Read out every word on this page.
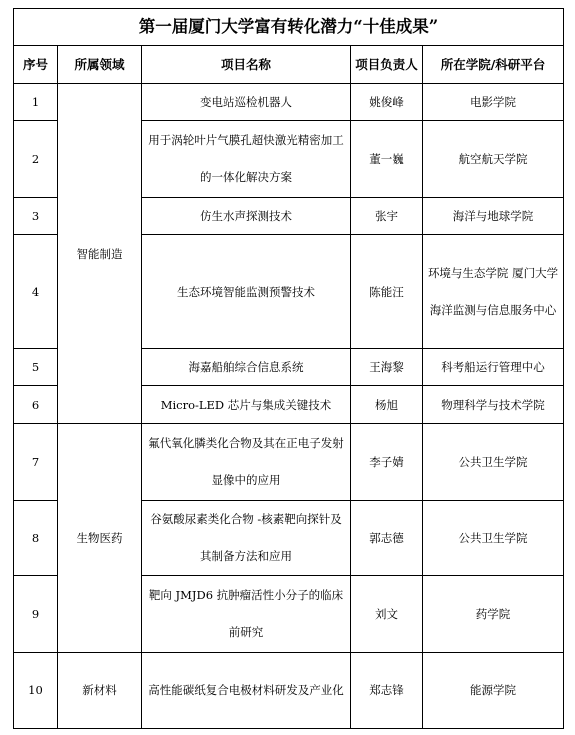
第一届厦门大学富有转化潜力“十佳成果”				
序号	所属领域	项目名称	项目负责人	所在学院/科研平台
1	智能制造	变电站巡检机器人	姚俊峰	电影学院
2		用于涡轮叶片气膜孔超快激光精密加工的一体化解决方案	董一巍	航空航天学院
3		仿生水声探测技术	张宇	海洋与地球学院
4		生态环境智能监测预警技术	陈能汪	环境与生态学院 厦门大学海洋监测与信息服务中心
5		海嘉船舶综合信息系统	王海黎	科考船运行管理中心
6		Micro-LED 芯片与集成关键技术	杨旭	物理科学与技术学院
7	生物医药	氟代氧化膦类化合物及其在正电子发射显像中的应用	李子婧	公共卫生学院
8		谷氨酸尿素类化合物 -核素靶向探针及其制备方法和应用	郭志德	公共卫生学院
9		靶向 JMJD6 抗肿瘤活性小分子的临床前研究	刘文	药学院
10	新材料	高性能碳纸复合电极材料研发及产业化	郑志锋	能源学院
